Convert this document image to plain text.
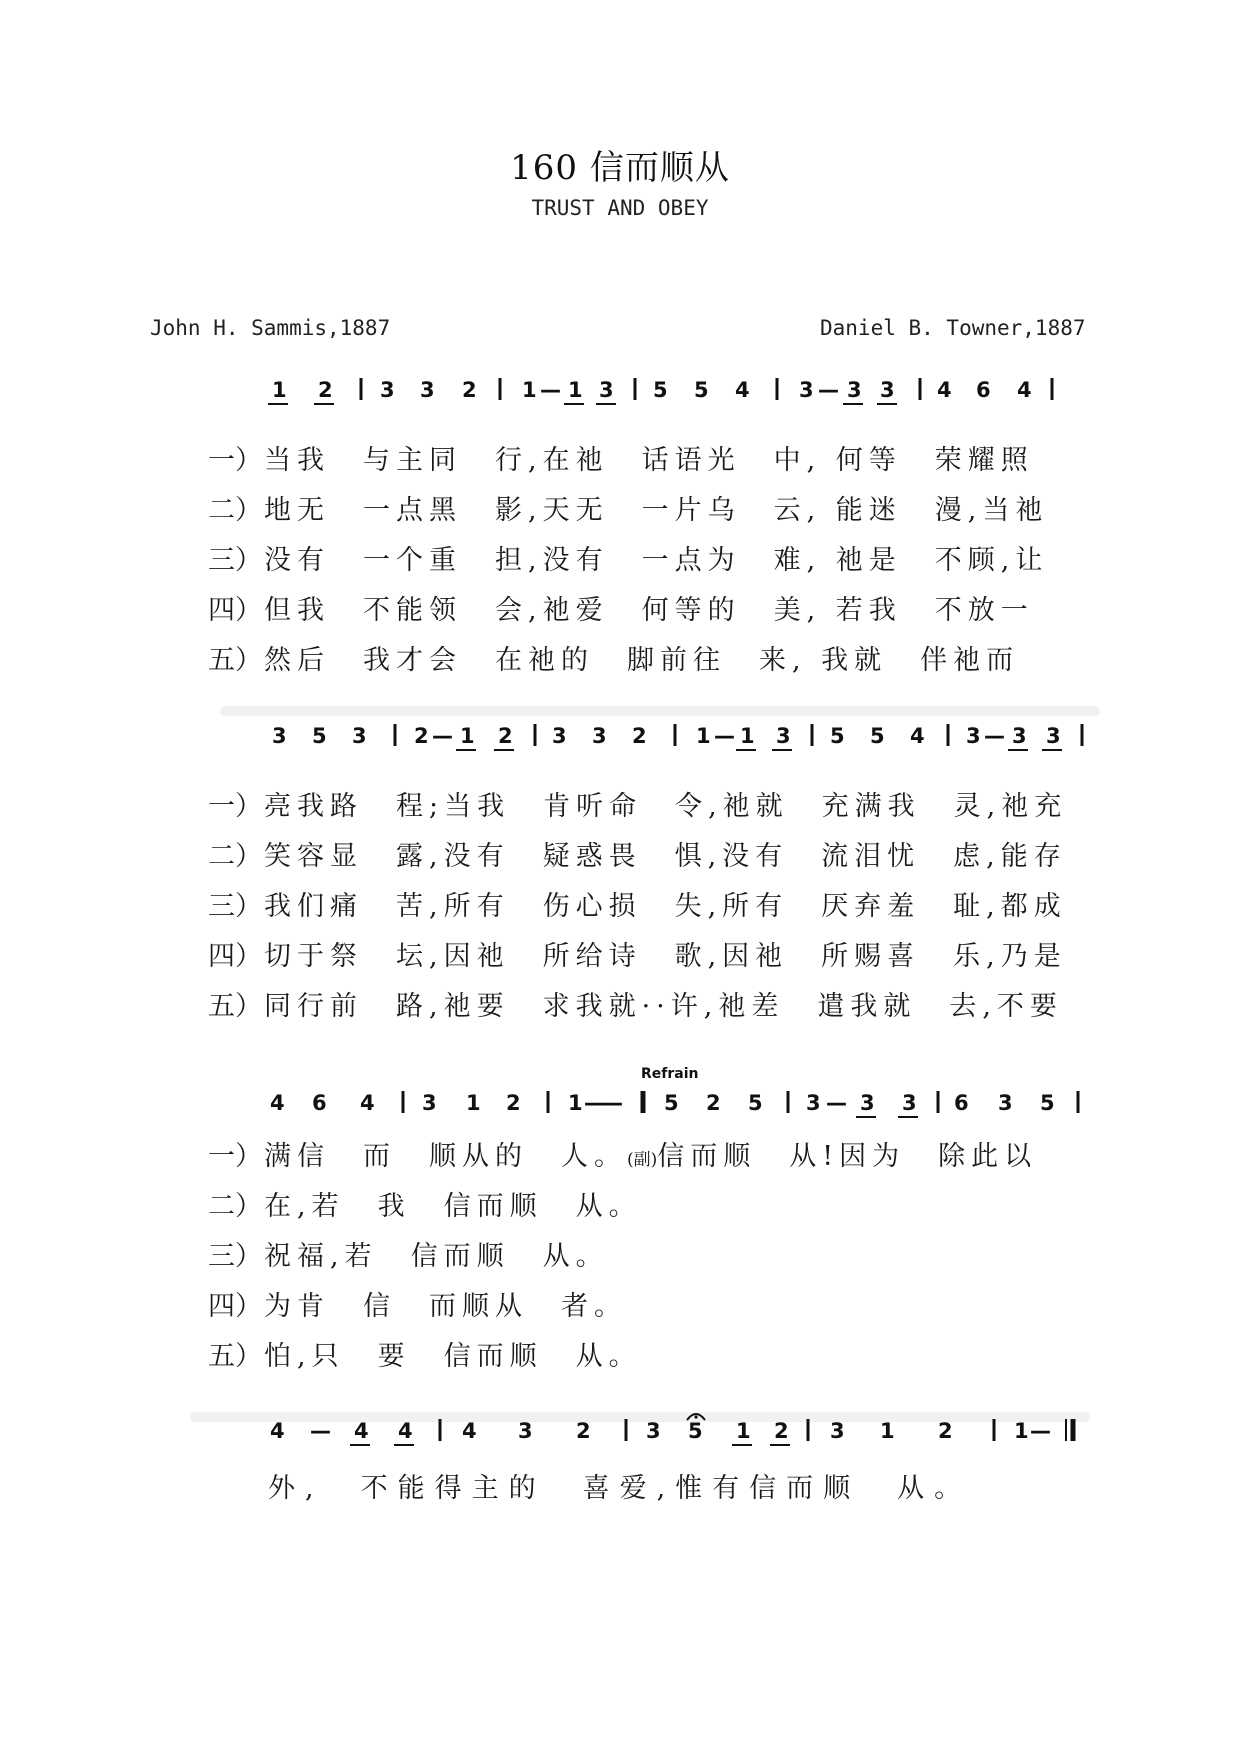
160 信而顺从
TRUST AND OBEY
John H. Sammis,1887	Daniel B. Towner,1887
1 2 3 3 2 1 — 1 3 5 5 4 3 — 3 3 4 6 4
3 5 3 2 — 1 2 3 3 2 1 — 1 3 5 5 4 3 — 3 3
Refrain
4 6 4 3 1 2 1 —
— 5 2 5 3 — 3 3 6 3 5
4 — 4 4 4 3 2	3 5 1 2 3 1 2	1 —
一）当我　与主同　行,在祂　话语光　中, 何等　荣耀照
二）地无　一点黑　影,天无　一片乌　云, 能迷　漫,当祂
三）没有　一个重　担,没有　一点为　难, 祂是　不顾,让
四）但我　不能领　会,祂爱　何等的　美, 若我　不放一
五）然后　我才会　在祂的　脚前往　来, 我就　伴祂而
一）亮我路　程;当我　肯听命　令,祂就　充满我　灵,祂充
二）笑容显　露,没有　疑惑畏　惧,没有　流泪忧　虑,能存
三）我们痛　苦,所有　伤心损　失,所有　厌弃羞　耻,都成
四）切于祭　坛,因祂　所给诗　歌,因祂　所赐喜　乐,乃是
五）同行前　路,祂要　求我就··许,祂差　遣我就　去,不要
一）满信　而　顺从的　人。(副)信而顺　从!因为　除此以
二）在,若　我　信而顺　从。
三）祝福,若　信而顺　从。
四）为肯　信　而顺从　者。
五）怕,只　要　信而顺　从。
外,　不能得主的　喜爱,惟有信而顺　从。
